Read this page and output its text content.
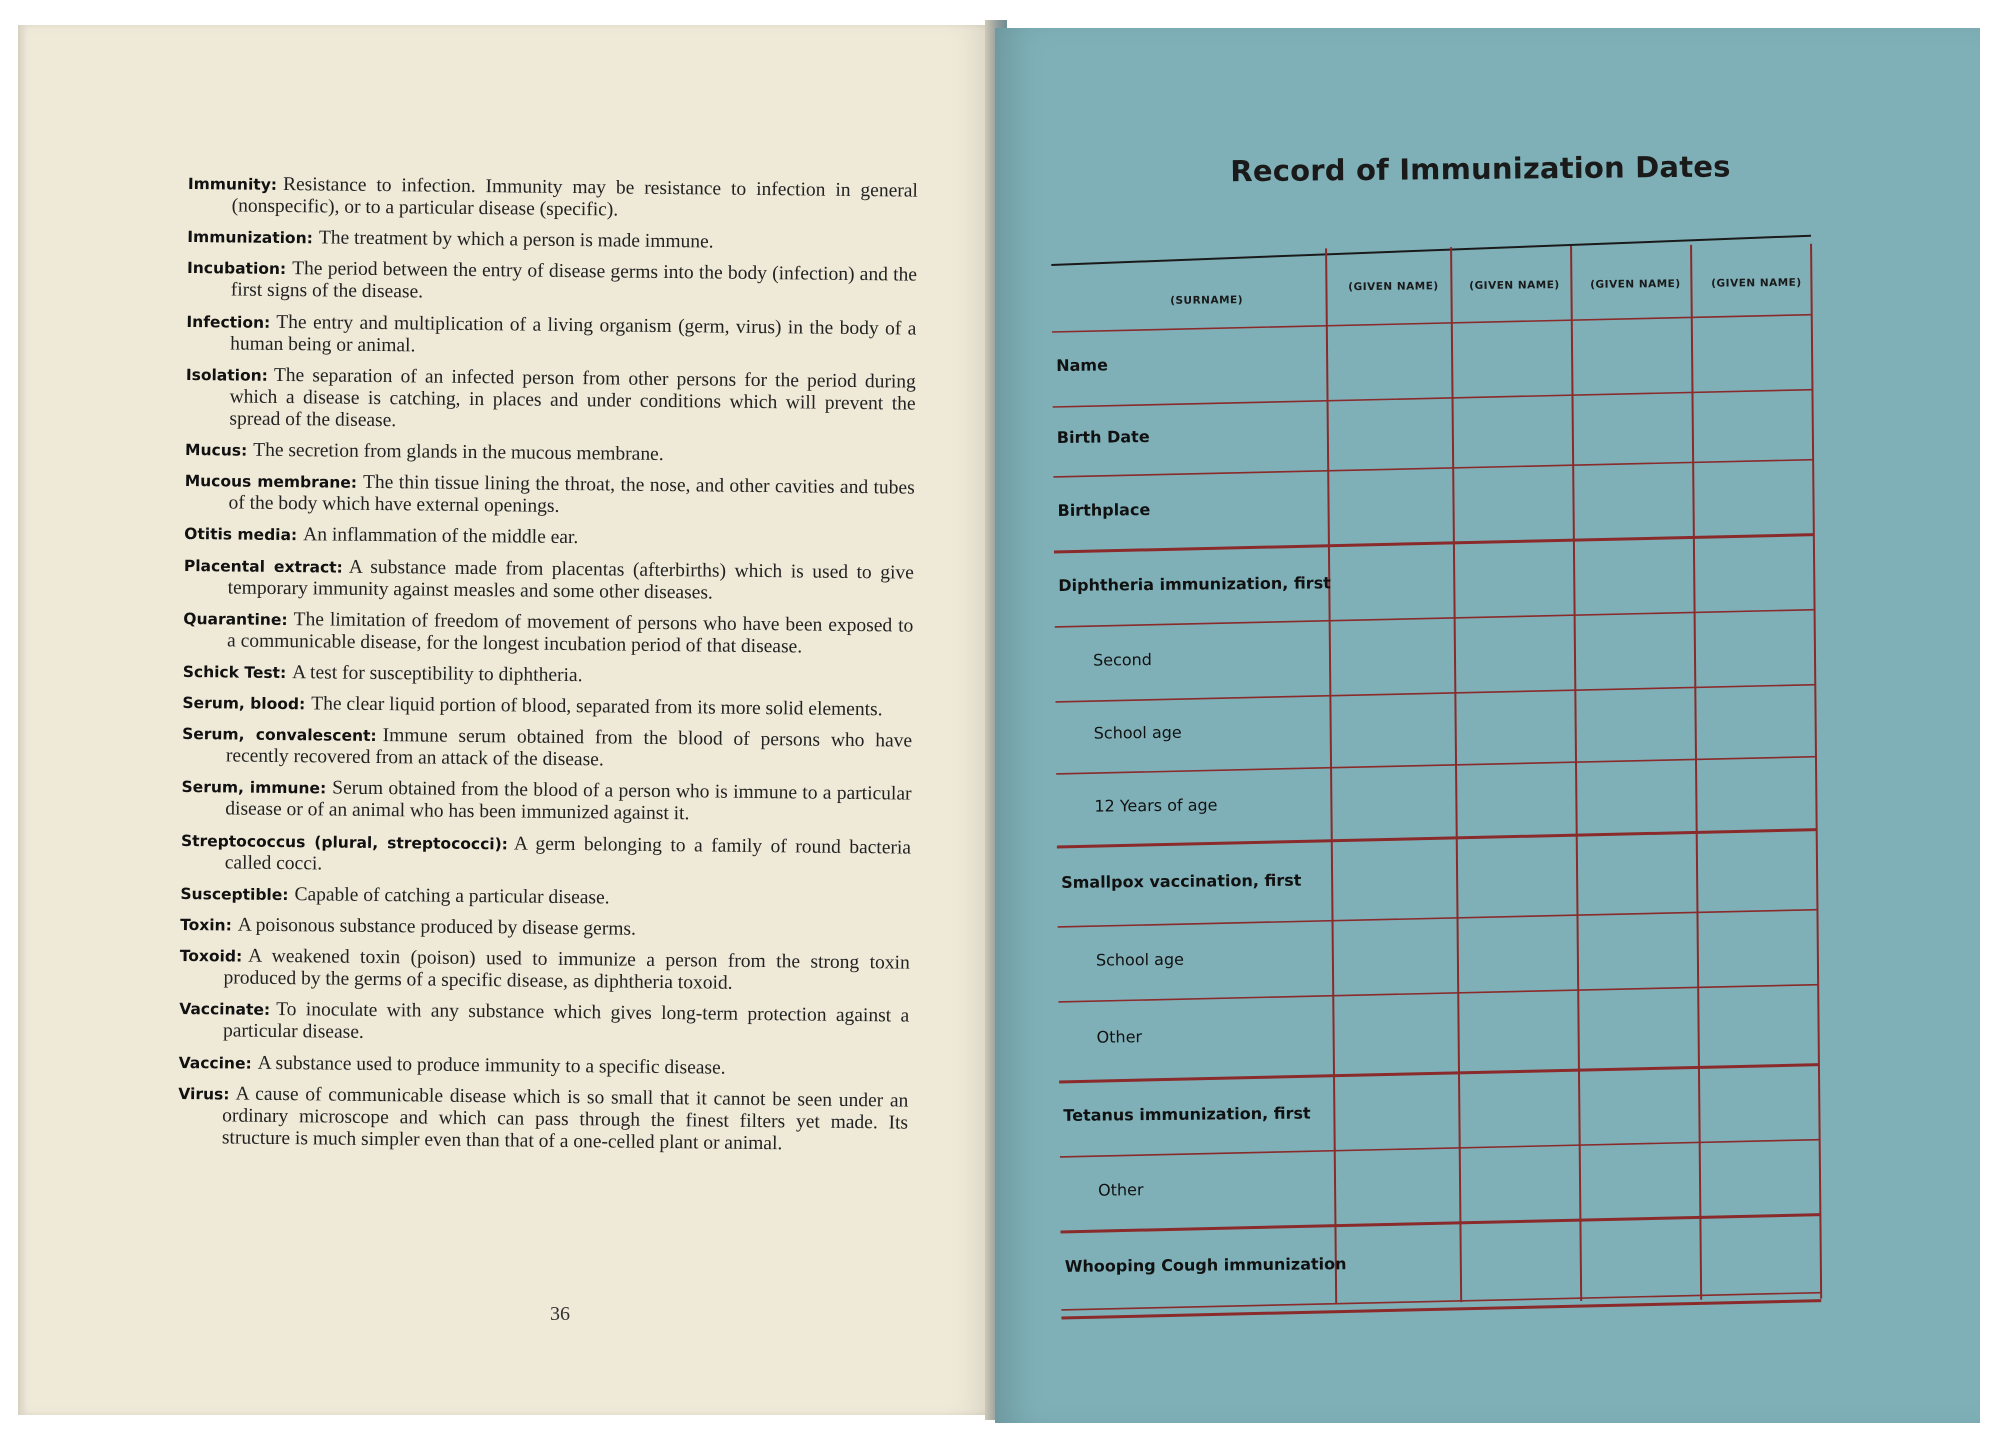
Immunity: Resistance to infection. Immunity may be resistance to infection in general (nonspecific), or to a particular disease (specific).

Immunization: The treatment by which a person is made immune.

Incubation: The period between the entry of disease germs into the body (infection) and the first signs of the disease.

Infection: The entry and multiplication of a living organism (germ, virus) in the body of a human being or animal.

Isolation: The separation of an infected person from other persons for the period during which a disease is catching, in places and under conditions which will prevent the spread of the disease.

Mucus: The secretion from glands in the mucous membrane.

Mucous membrane: The thin tissue lining the throat, the nose, and other cavities and tubes of the body which have external openings.

Otitis media: An inflammation of the middle ear.

Placental extract: A substance made from placentas (afterbirths) which is used to give temporary immunity against measles and some other diseases.

Quarantine: The limitation of freedom of movement of persons who have been exposed to a communicable disease, for the longest incubation period of that disease.

Schick Test: A test for susceptibility to diphtheria.

Serum, blood: The clear liquid portion of blood, separated from its more solid elements.

Serum, convalescent: Immune serum obtained from the blood of persons who have recently recovered from an attack of the disease.

Serum, immune: Serum obtained from the blood of a person who is immune to a particular disease or of an animal who has been immunized against it.

Streptococcus (plural, streptococci): A germ belonging to a family of round bacteria called cocci.

Susceptible: Capable of catching a particular disease.

Toxin: A poisonous substance produced by disease germs.

Toxoid: A weakened toxin (poison) used to immunize a person from the strong toxin produced by the germs of a specific disease, as diphtheria toxoid.

Vaccinate: To inoculate with any substance which gives long-term protection against a particular disease.

Vaccine: A substance used to produce immunity to a specific disease.

Virus: A cause of communicable disease which is so small that it cannot be seen under an ordinary microscope and which can pass through the finest filters yet made. Its structure is much simpler even than that of a one-celled plant or animal.

36
Record of Immunization Dates
(SURNAME)
(GIVEN NAME)	(GIVEN NAME)	(GIVEN NAME)	(GIVEN NAME)
Name
Birth Date
Birthplace
Diphtheria immunization, first
Second
School age
12 Years of age
Smallpox vaccination, first
School age
Other
Tetanus immunization, first
Other
Whooping Cough immunization
